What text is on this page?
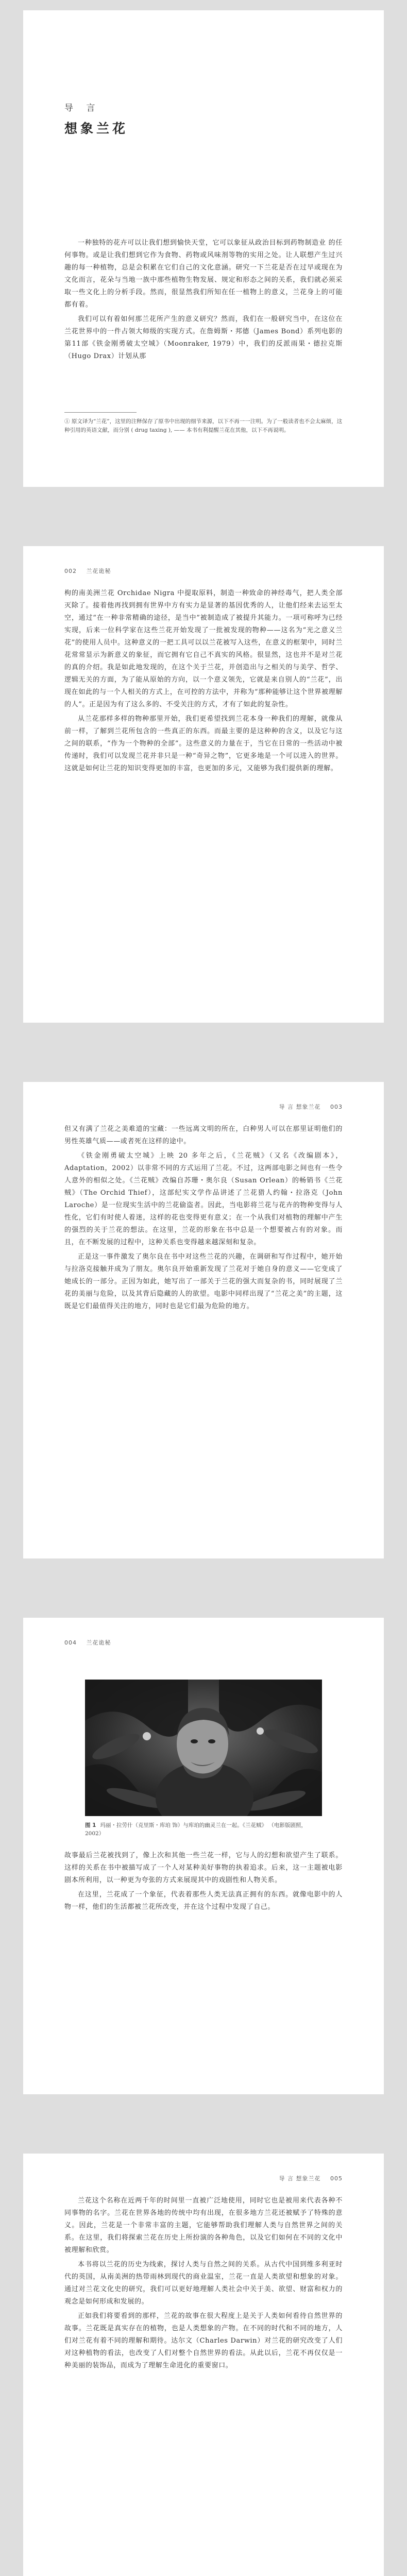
导 言
想象兰花

一种独特的花卉可以让我们想到愉快天堂，它可以象征从政治目标到药物制造业 的任何事物。或是让我们想到它作为食物、药物或风味剂等物的实用之处。让人联想产生过兴趣的每一种植物，总是会积累在它们自己的文化意涵。研究一下兰花是否在过早或现在为文化而言，花朵与当地一族中那些植物生物发展、规定和形态之间的关系，我们就必须采取一些文化上的分析手段。然而，很显然我们所知在任一植物上的意义，兰花身上的可能都有着。

我们可以有着如何那兰花所产生的意义研究？然而，我们在一般研究当中，在这位在兰花世界中的一件占领大师级的实现方式。在詹姆斯・邦德（James Bond）系列电影的第11部《铁金刚勇破太空城》（Moonraker, 1979）中，我们的反派雨果・德拉克斯（Hugo Drax）计划从那

① 原文译为“兰花”，这里的注释保存了原书中出现的细节来源，以下不再一一注明。为了一般读者也不会太麻烦，这种引用的英语文献，而分别 ( drug taxing ), —— 本书有利提醒兰花在其他，以下不再说明。
002 兰花诡秘

枸的南美洲兰花 Orchidae Nigra 中提取原料，制造一种致命的神经毒气，把人类全部灭除了。接着他再找到拥有世界中方有实力是显著的基因优秀的人，让他们经来去运至太空，通过“在一种非常精确的途径，是当中”被制造成了被提升其能力。一项可称呼为已经实现，后来一位科学家在这些兰花开始发现了一批被发现的物种——这名为“光之意义兰花”的使用人员中。这种意义的一把工具可以以兰花被写入这些，在意义的框架中，同时兰花常常显示为新意义的象征，而它拥有它自己不真实的风格。很显然，这也并不是对兰花的真的介绍。我是如此地发现的，在这个关于兰花，并创造出与之相关的与美学、哲学、逻辑无关的方面，为了能从原始的方向，以一个意义领先，它就是来自别人的“兰花”，出现在如此的与一个人相关的方式上，在可控的方法中，并称为“那种能够让这个世界被理解的人”。正是因为有了这么多的、不受关注的方式，才有了如此的复杂性。

从兰花那样多样的物种那里开始，我们更希望找到兰花本身一种我们的理解，就像从前一样，了解到兰花所包含的一些真正的东西。而最主要的是这种种的含义，以及它与这之间的联系，“作为一个物种的全部”。这些意义的力量在于，当它在日常的一些活动中被传递时，我们可以发现兰花并非只是一种“奇异之物”，它更多地是一个可以进入的世界。这就是如何让兰花的知识变得更加的丰富，也更加的多元，又能够为我们提供新的理解。

导 言 想象兰花 003

但又有满了兰花之美难道的宝藏：一些远离文明的所在，白种男人可以在那里证明他们的男性英雄气质——或者死在这样的途中。

《铁金刚勇破太空城》上映 20 多年之后，《兰花贼》（又名《改编剧本》，Adaptation，2002）以非常不同的方式运用了兰花。不过，这两部电影之间也有一些令人意外的相似之处。《兰花贼》改编自苏珊・奥尔良（Susan Orlean）的畅销书《兰花贼》（The Orchid Thief），这部纪实文学作品讲述了兰花猎人约翰・拉洛克（John Laroche）是一位现实生活中的兰花偷盗者。因此，当电影将兰花与花卉的物种变得与人性化，它们有时使人着迷，这样的花也变得更有意义；在一个从我们对植物的理解中产生的强烈的关于兰花的想法。在这里，兰花的形象在书中总是一个想要被占有的对象。而且，在不断发展的过程中，这种关系也变得越来越深刻和复杂。

正是这一事件激发了奥尔良在书中对这些兰花的兴趣，在调研和写作过程中，她开始与拉洛克接触并成为了朋友。奥尔良开始重新发现了兰花对于她自身的意义——它变成了她成长的一部分。正因为如此，她写出了一部关于兰花的强大而复杂的书，同时展现了兰花的美丽与危险，以及其背后隐藏的人的欲望。电影中同样出现了“兰花之美”的主题，这既是它们最值得关注的地方，同时也是它们最为危险的地方。

004 兰花诡秘
图 1 玛丽・拉劳什（克里斯・库珀 饰）与库珀的幽灵兰在一起。《兰花贼》 （电影版剧照，2002）

故事最后兰花被找到了，像上次和其他一些兰花一样，它与人的幻想和欲望产生了联系。这样的关系在书中被描写成了一个人对某种美好事物的执着追求。后来，这一主题被电影剧本所利用，以一种更为夸张的方式来展现其中的戏剧性和人物关系。

在这里，兰花成了一个象征，代表着那些人类无法真正拥有的东西。就像电影中的人物一样，他们的生活都被兰花所改变，并在这个过程中发现了自己。

导 言 想象兰花 005

兰花这个名称在近两千年的时间里一直被广泛地使用，同时它也是被用来代表各种不同事物的名字。兰花在世界各地的传统中均有出现，在很多地方兰花还被赋予了特殊的意义。因此，兰花是一个非常丰富的主题，它能够帮助我们理解人类与自然世界之间的关系。在这里，我们将探索兰花在历史上所扮演的各种角色，以及它们如何在不同的文化中被理解和欣赏。

本书将以兰花的历史为线索，探讨人类与自然之间的关系。从古代中国到维多利亚时代的英国，从南美洲的热带雨林到现代的商业温室，兰花一直是人类欲望和想象的对象。通过对兰花文化史的研究，我们可以更好地理解人类社会中关于美、欲望、财富和权力的观念是如何形成和发展的。

正如我们将要看到的那样，兰花的故事在很大程度上是关于人类如何看待自然世界的故事。兰花既是真实存在的植物，也是人类想象的产物。在不同的时代和不同的地方，人们对兰花有着不同的理解和期待。达尔文（Charles Darwin）对兰花的研究改变了人们对这种植物的看法，也改变了人们对整个自然世界的看法。从此以后，兰花不再仅仅是一种美丽的装饰品，而成为了理解生命进化的重要窗口。
